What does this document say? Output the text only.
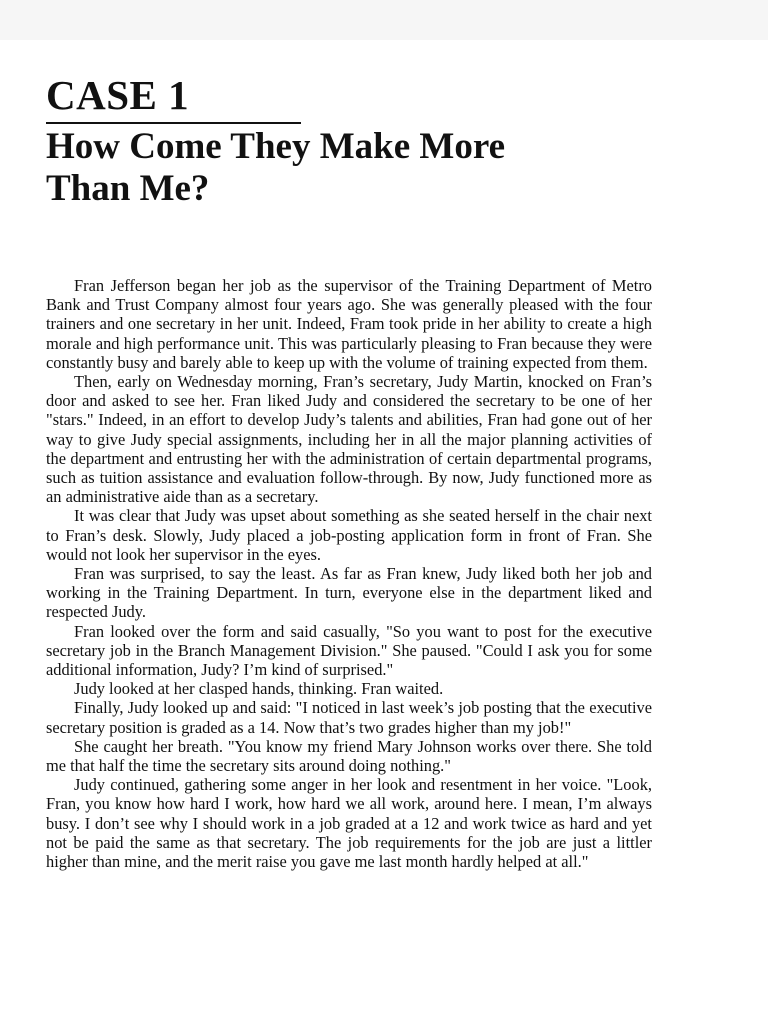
CASE 1
How Come They Make More
Than Me?

Fran Jefferson began her job as the supervisor of the Training Department of Metro Bank and Trust Company almost four years ago. She was generally pleased with the four trainers and one secretary in her unit. Indeed, Fram took pride in her ability to create a high morale and high performance unit. This was particularly pleasing to Fran because they were constantly busy and barely able to keep up with the volume of training expected from them.

Then, early on Wednesday morning, Fran’s secretary, Judy Martin, knocked on Fran’s door and asked to see her. Fran liked Judy and considered the secretary to be one of her "stars." Indeed, in an effort to develop Judy’s talents and abilities, Fran had gone out of her way to give Judy special assignments, including her in all the major planning activities of the department and entrusting her with the administration of certain departmental programs, such as tuition assistance and evaluation follow-through. By now, Judy functioned more as an administrative aide than as a secretary.

It was clear that Judy was upset about something as she seated herself in the chair next to Fran’s desk. Slowly, Judy placed a job-posting application form in front of Fran. She would not look her supervisor in the eyes.

Fran was surprised, to say the least. As far as Fran knew, Judy liked both her job and working in the Training Department. In turn, everyone else in the department liked and respected Judy.

Fran looked over the form and said casually, "So you want to post for the executive secretary job in the Branch Management Division." She paused. "Could I ask you for some additional information, Judy? I’m kind of surprised."

Judy looked at her clasped hands, thinking. Fran waited.

Finally, Judy looked up and said: "I noticed in last week’s job posting that the executive secretary position is graded as a 14. Now that’s two grades higher than my job!"

She caught her breath. "You know my friend Mary Johnson works over there. She told me that half the time the secretary sits around doing nothing."

Judy continued, gathering some anger in her look and resentment in her voice. "Look, Fran, you know how hard I work, how hard we all work, around here. I mean, I’m always busy. I don’t see why I should work in a job graded at a 12 and work twice as hard and yet not be paid the same as that secretary. The job requirements for the job are just a littler higher than mine, and the merit raise you gave me last month hardly helped at all."
